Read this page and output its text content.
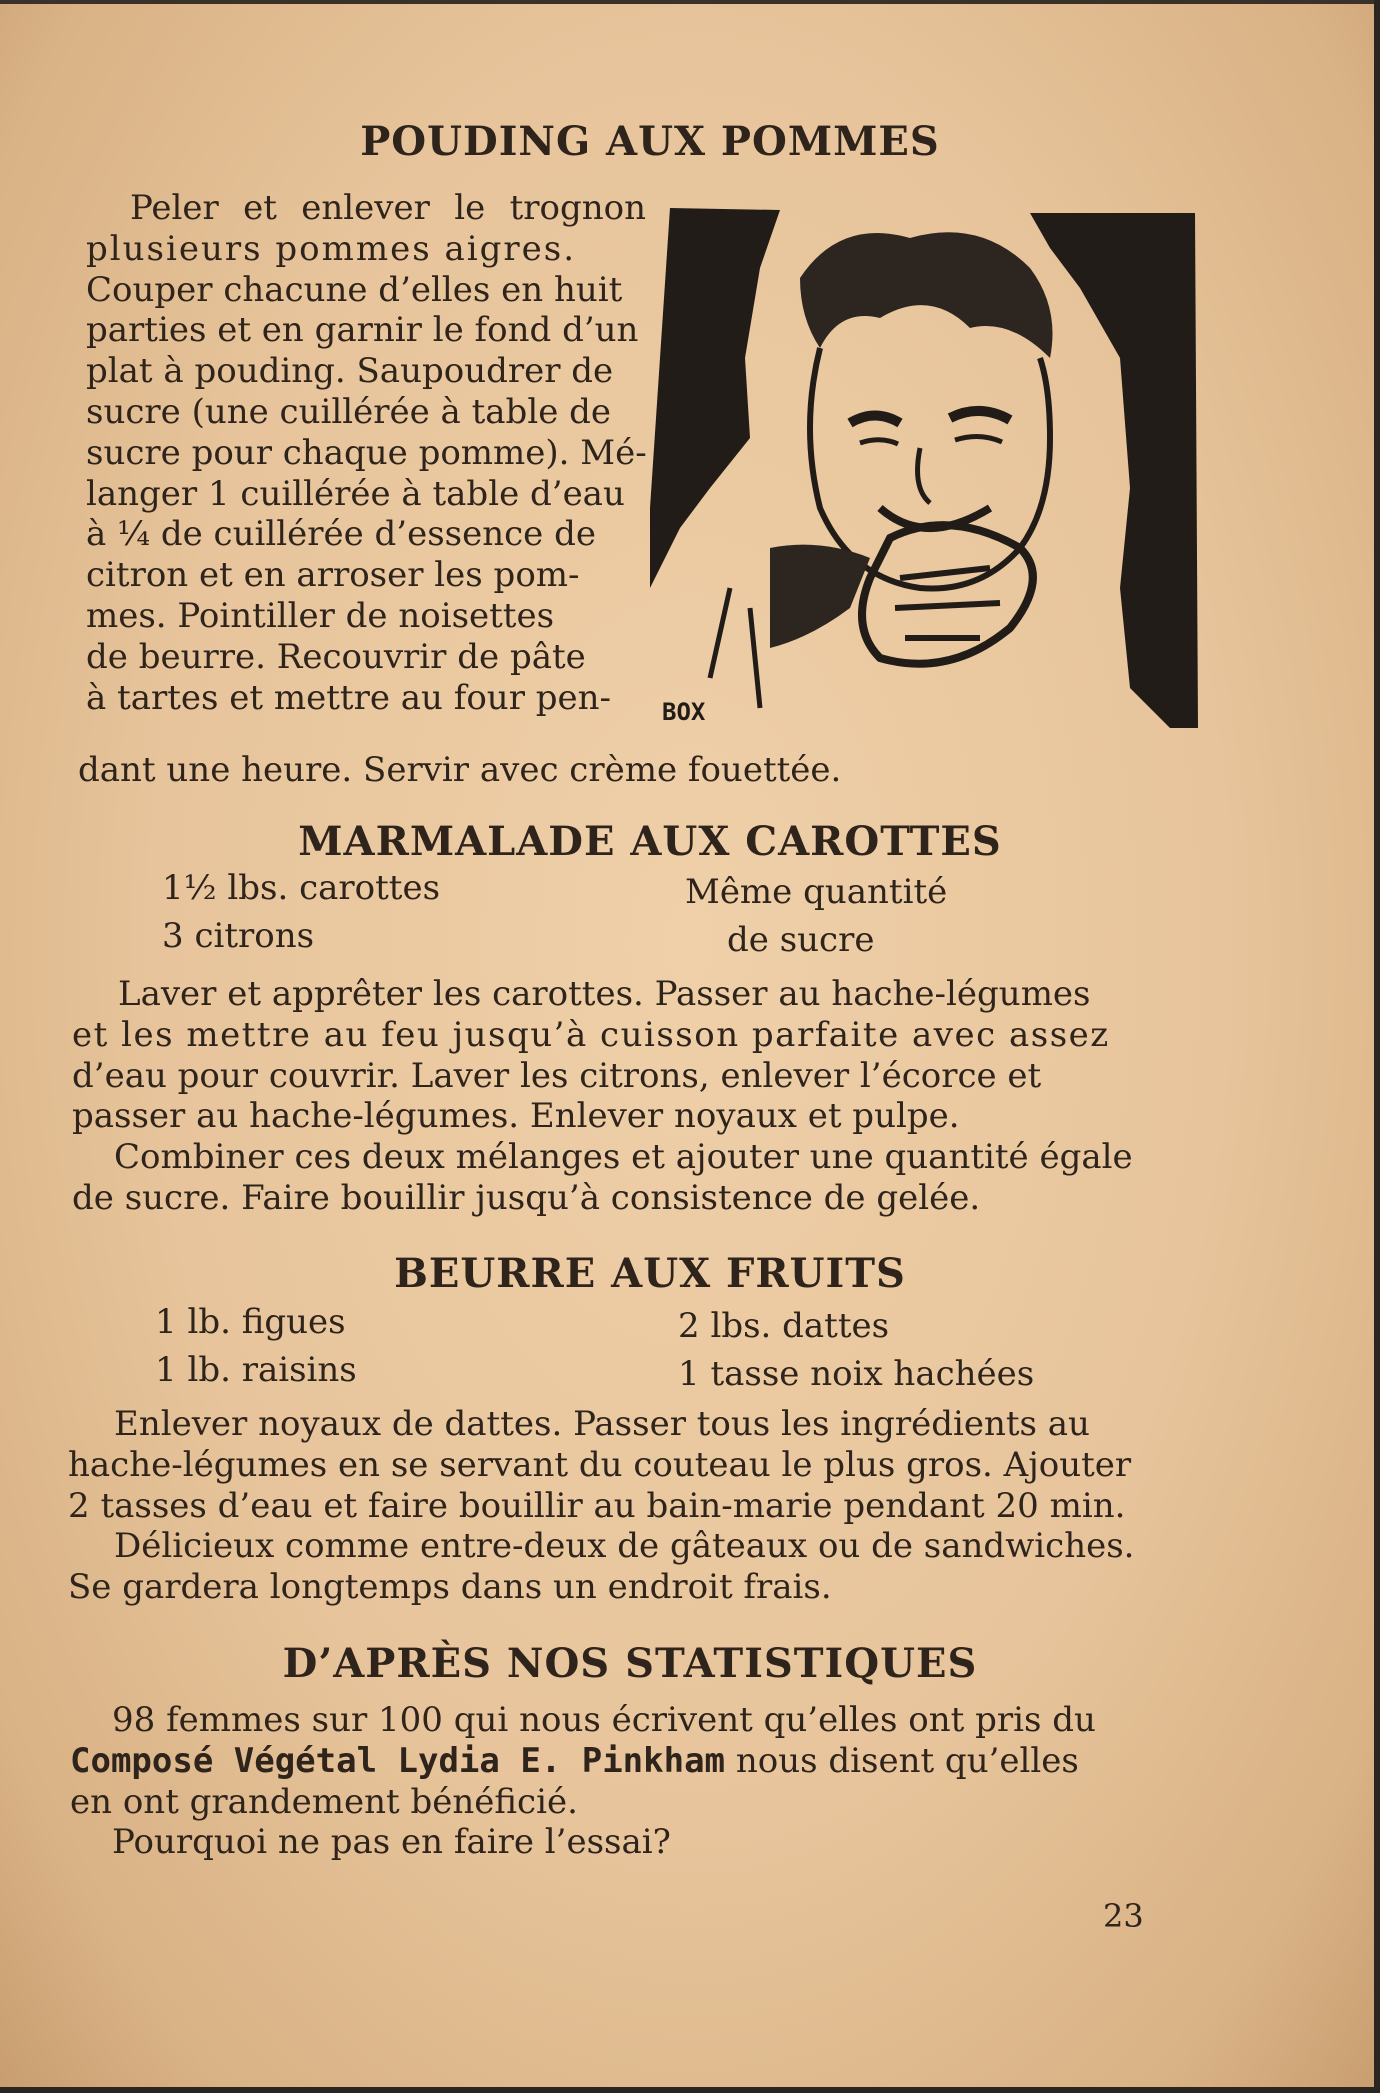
POUDING AUX POMMES
Peler et enlever le trognon
plusieurs pommes aigres.
Couper chacune d’elles en huit
parties et en garnir le fond d’un
plat à pouding. Saupoudrer de
sucre (une cuillérée à table de
sucre pour chaque pomme). Mé-
langer 1 cuillérée à table d’eau
à ¼ de cuillérée d’essence de
citron et en arroser les pom-
mes. Pointiller de noisettes
de beurre. Recouvrir de pâte
à tartes et mettre au four pen-
dant une heure. Servir avec crème fouettée.
BOX
MARMALADE AUX CAROTTES
1½ lbs. carottes
3 citrons
Même quantité
de sucre
Laver et apprêter les carottes. Passer au hache-légumes
et les mettre au feu jusqu’à cuisson parfaite avec assez
d’eau pour couvrir. Laver les citrons, enlever l’écorce et
passer au hache-légumes. Enlever noyaux et pulpe.
Combiner ces deux mélanges et ajouter une quantité égale
de sucre. Faire bouillir jusqu’à consistence de gelée.
BEURRE AUX FRUITS
1 lb. figues
1 lb. raisins
2 lbs. dattes
1 tasse noix hachées
Enlever noyaux de dattes. Passer tous les ingrédients au
hache-légumes en se servant du couteau le plus gros. Ajouter
2 tasses d’eau et faire bouillir au bain-marie pendant 20 min.
Délicieux comme entre-deux de gâteaux ou de sandwiches.
Se gardera longtemps dans un endroit frais.
D’APRÈS NOS STATISTIQUES
98 femmes sur 100 qui nous écrivent qu’elles ont pris du
Composé Végétal Lydia E. Pinkham nous disent qu’elles
en ont grandement bénéficié.
Pourquoi ne pas en faire l’essai?
23
